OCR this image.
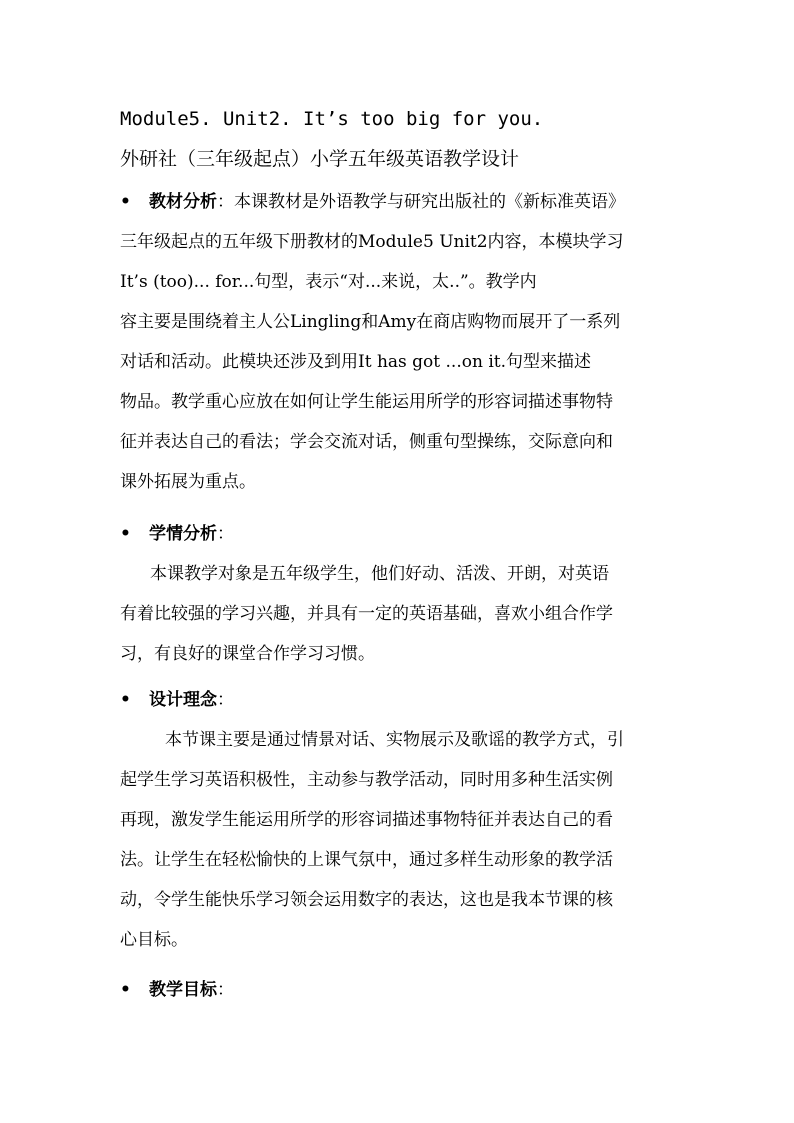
Module5. Unit2. It’s too big for you.
外研社（三年级起点）小学五年级英语教学设计
• 教材分析：本课教材是外语教学与研究出版社的《新标准英语》
三年级起点的五年级下册教材的Module5 Unit2内容，本模块学习
It’s (too)... for...句型，表示“对...来说，太..”。教学内
容主要是围绕着主人公Lingling和Amy在商店购物而展开了一系列
对话和活动。此模块还涉及到用It has got ...on it.句型来描述
物品。教学重心应放在如何让学生能运用所学的形容词描述事物特
征并表达自己的看法；学会交流对话，侧重句型操练，交际意向和
课外拓展为重点。
• 学情分析：
本课教学对象是五年级学生，他们好动、活泼、开朗，对英语
有着比较强的学习兴趣，并具有一定的英语基础，喜欢小组合作学
习，有良好的课堂合作学习习惯。
• 设计理念：
本节课主要是通过情景对话、实物展示及歌谣的教学方式，引
起学生学习英语积极性，主动参与教学活动，同时用多种生活实例
再现，激发学生能运用所学的形容词描述事物特征并表达自己的看
法。让学生在轻松愉快的上课气氛中，通过多样生动形象的教学活
动，令学生能快乐学习领会运用数字的表达，这也是我本节课的核
心目标。
• 教学目标：
